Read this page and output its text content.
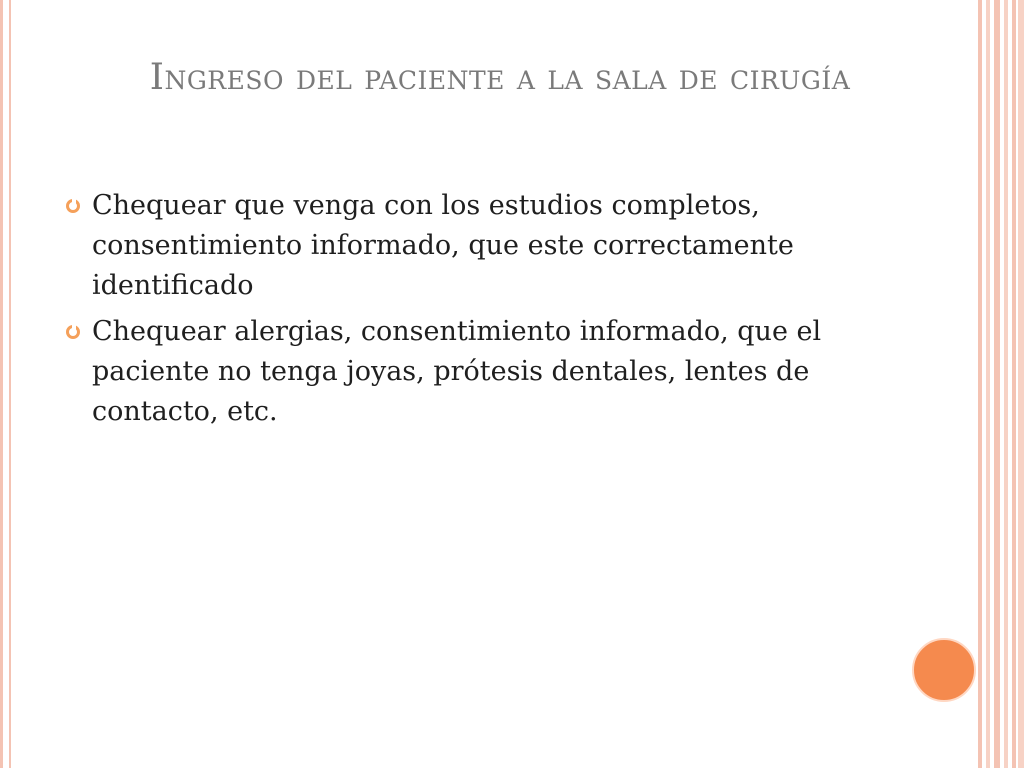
Ingreso del paciente a la sala de cirugía
Chequear que venga con los estudios completos, consentimiento informado, que este correctamente identificado
Chequear alergias, consentimiento informado, que el paciente no tenga joyas, prótesis dentales, lentes de contacto, etc.
